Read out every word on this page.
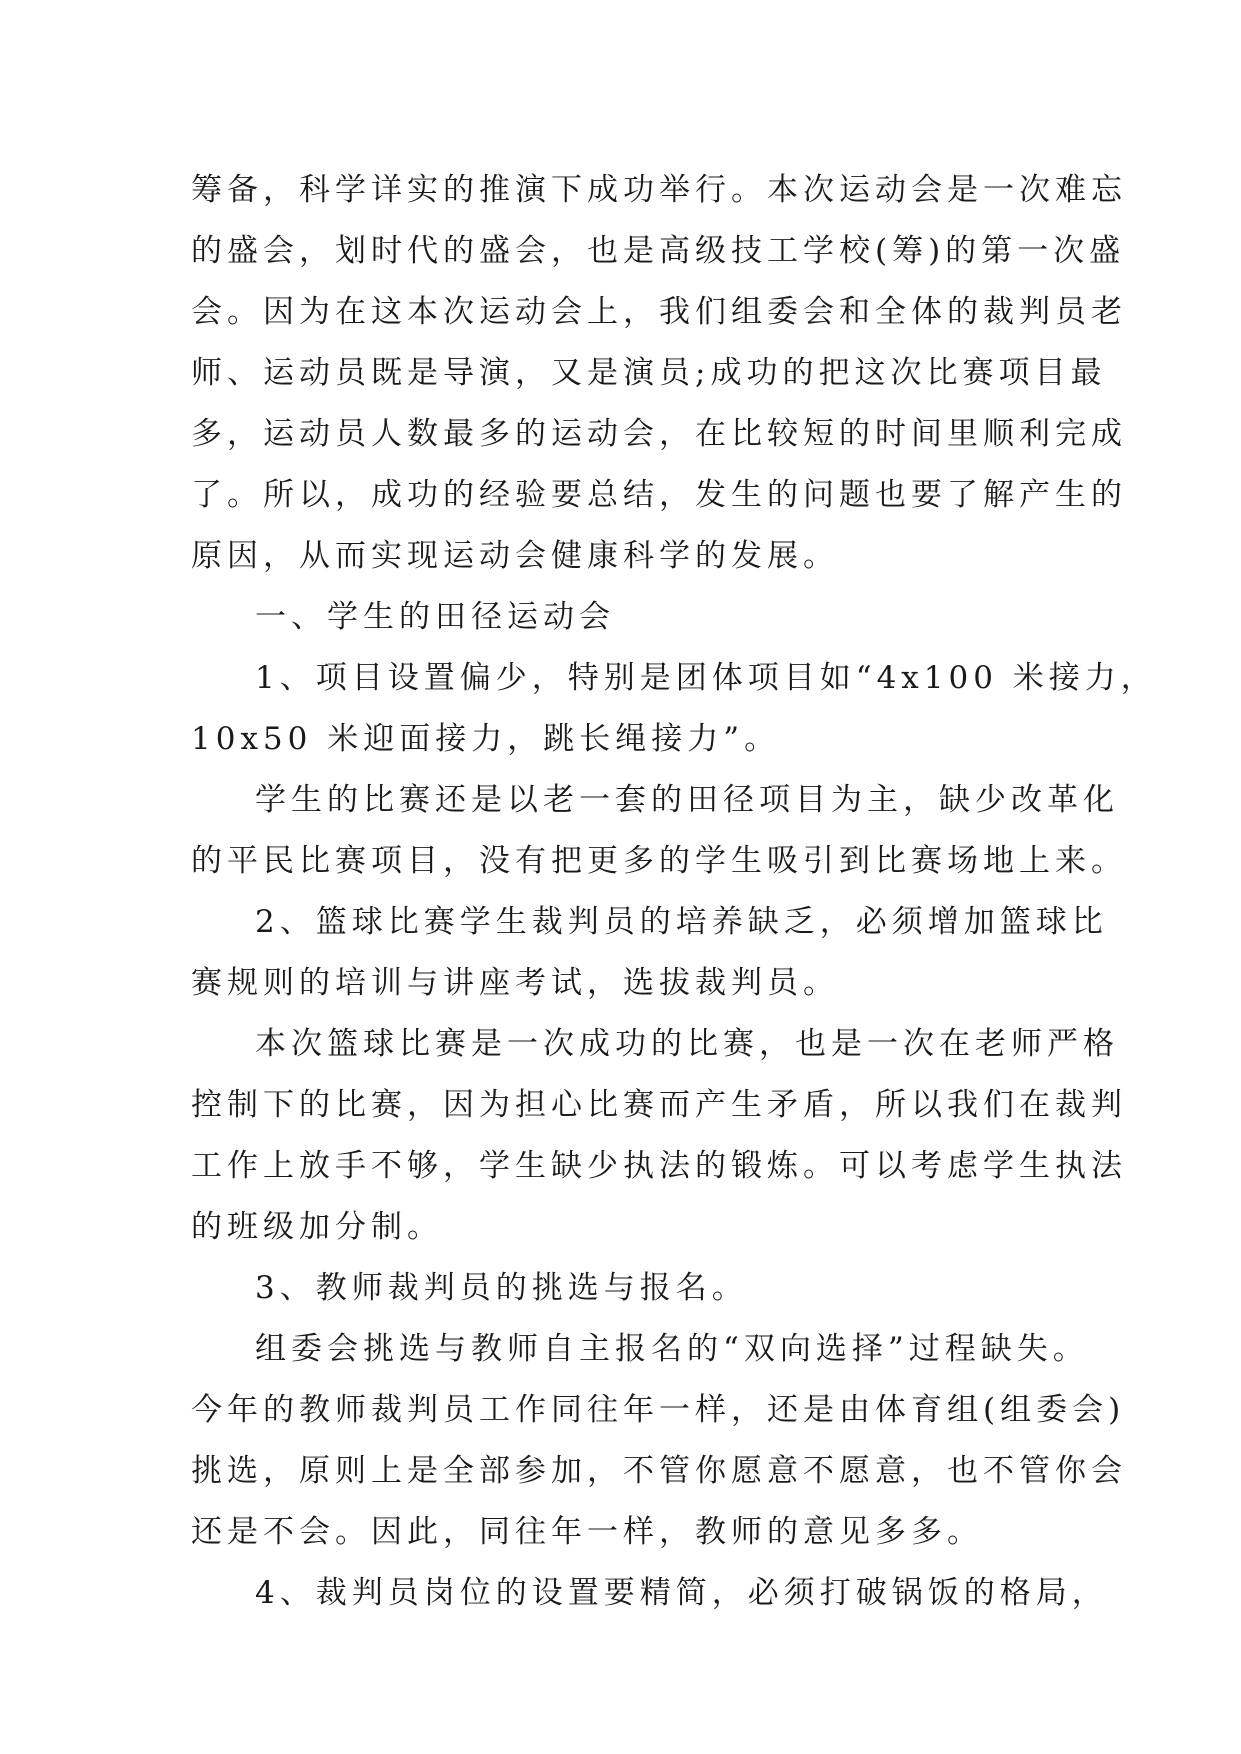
筹备，科学详实的推演下成功举行。本次运动会是一次难忘
的盛会，划时代的盛会，也是高级技工学校(筹)的第一次盛
会。因为在这本次运动会上，我们组委会和全体的裁判员老
师、运动员既是导演，又是演员;成功的把这次比赛项目最
多，运动员人数最多的运动会，在比较短的时间里顺利完成
了。所以，成功的经验要总结，发生的问题也要了解产生的
原因，从而实现运动会健康科学的发展。
一、学生的田径运动会
1、项目设置偏少，特别是团体项目如“4x100 米接力，
10x50 米迎面接力，跳长绳接力”。
学生的比赛还是以老一套的田径项目为主，缺少改革化
的平民比赛项目，没有把更多的学生吸引到比赛场地上来。
2、篮球比赛学生裁判员的培养缺乏，必须增加篮球比
赛规则的培训与讲座考试，选拔裁判员。
本次篮球比赛是一次成功的比赛，也是一次在老师严格
控制下的比赛，因为担心比赛而产生矛盾，所以我们在裁判
工作上放手不够，学生缺少执法的锻炼。可以考虑学生执法
的班级加分制。
3、教师裁判员的挑选与报名。
组委会挑选与教师自主报名的“双向选择”过程缺失。
今年的教师裁判员工作同往年一样，还是由体育组(组委会)
挑选，原则上是全部参加，不管你愿意不愿意，也不管你会
还是不会。因此，同往年一样，教师的意见多多。
4、裁判员岗位的设置要精简，必须打破锅饭的格局，
